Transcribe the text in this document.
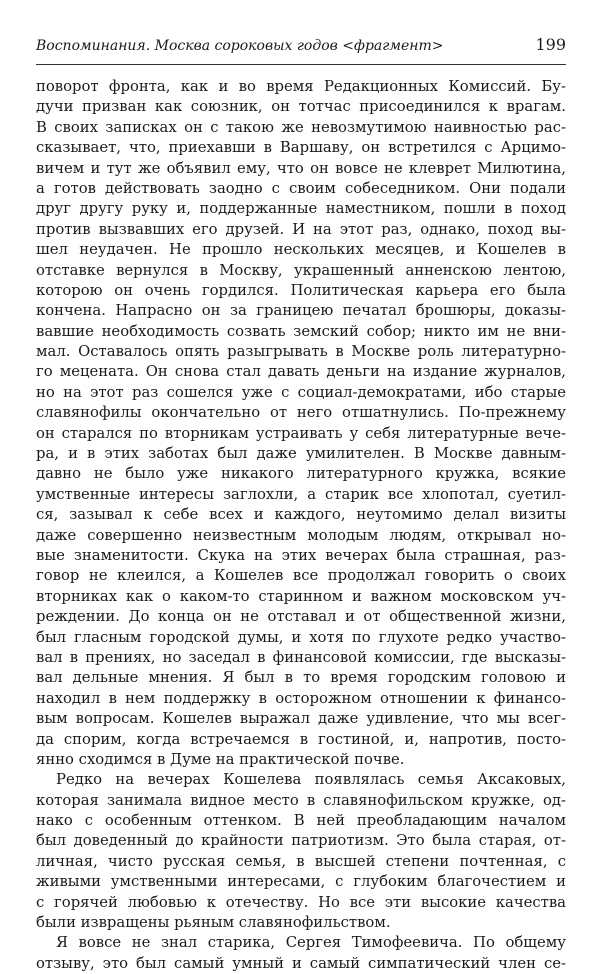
Воспоминания. Москва сороковых годов <фрагмент>	199
поворот фронта, как и во время Редакционных Комиссий. Бу-
дучи призван как союзник, он тотчас присоединился к врагам.
В своих записках он с такою же невозмутимою наивностью рас-
сказывает, что, приехавши в Варшаву, он встретился с Арцимо-
вичем и тут же объявил ему, что он вовсе не клеврет Милютина,
а готов действовать заодно с своим собеседником. Они подали
друг другу руку и, поддержанные наместником, пошли в поход
против вызвавших его друзей. И на этот раз, однако, поход вы-
шел неудачен. Не прошло нескольких месяцев, и Кошелев в
отставке вернулся в Москву, украшенный анненскою лентою,
которою он очень гордился. Политическая карьера его была
кончена. Напрасно он за границею печатал брошюры, доказы-
вавшие необходимость созвать земский собор; никто им не вни-
мал. Оставалось опять разыгрывать в Москве роль литературно-
го мецената. Он снова стал давать деньги на издание журналов,
но на этот раз сошелся уже с социал-демократами, ибо старые
славянофилы окончательно от него отшатнулись. По-прежнему
он старался по вторникам устраивать у себя литературные вече-
ра, и в этих заботах был даже умилителен. В Москве давным-
давно не было уже никакого литературного кружка, всякие
умственные интересы заглохли, а старик все хлопотал, суетил-
ся, зазывал к себе всех и каждого, неутомимо делал визиты
даже совершенно неизвестным молодым людям, открывал но-
вые знаменитости. Скука на этих вечерах была страшная, раз-
говор не клеился, а Кошелев все продолжал говорить о своих
вторниках как о каком-то старинном и важном московском уч-
реждении. До конца он не отставал и от общественной жизни,
был гласным городской думы, и хотя по глухоте редко участво-
вал в прениях, но заседал в финансовой комиссии, где высказы-
вал дельные мнения. Я был в то время городским головою и
находил в нем поддержку в осторожном отношении к финансо-
вым вопросам. Кошелев выражал даже удивление, что мы всег-
да спорим, когда встречаемся в гостиной, и, напротив, посто-
янно сходимся в Думе на практической почве.
Редко на вечерах Кошелева появлялась семья Аксаковых,
которая занимала видное место в славянофильском кружке, од-
нако с особенным оттенком. В ней преобладающим началом
был доведенный до крайности патриотизм. Это была старая, от-
личная, чисто русская семья, в высшей степени почтенная, с
живыми умственными интересами, с глубоким благочестием и
с горячей любовью к отечеству. Но все эти высокие качества
были извращены рьяным славянофильством.
Я вовсе не знал старика, Сергея Тимофеевича. По общему
отзыву, это был самый умный и самый симпатический член се-
